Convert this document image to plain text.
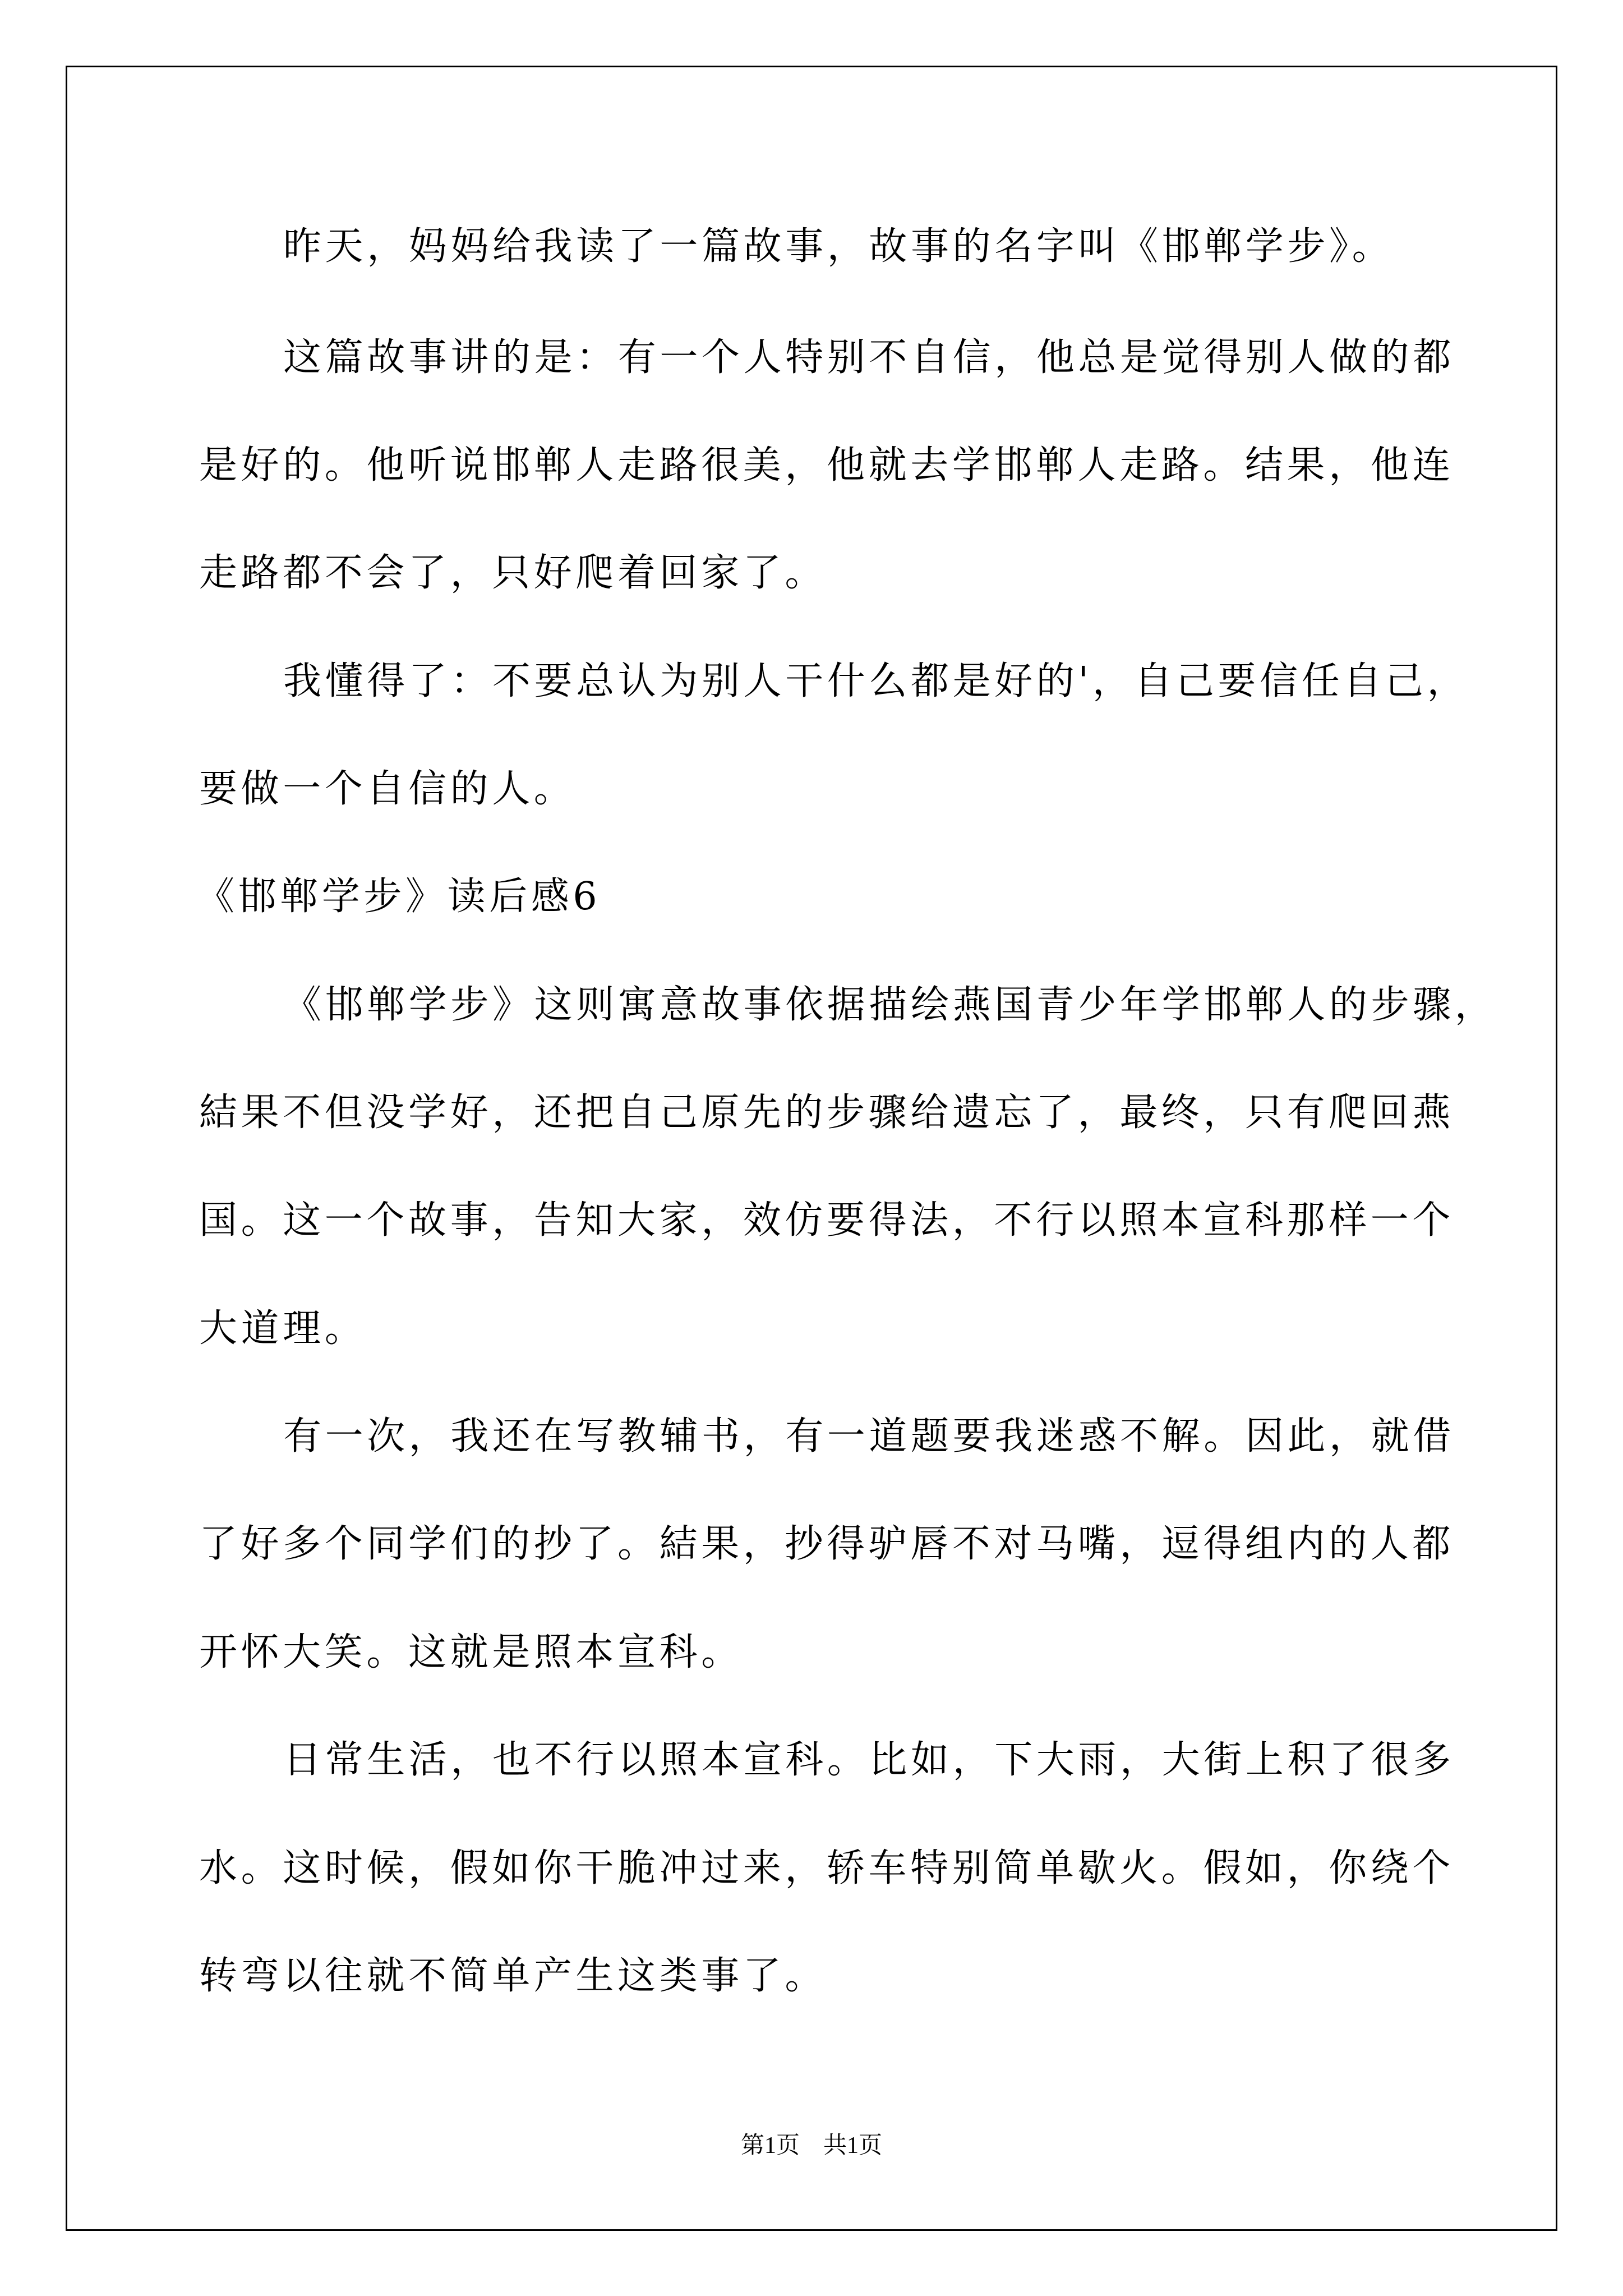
昨天，妈妈给我读了一篇故事，故事的名字叫《邯郸学步》。
这篇故事讲的是：有一个人特别不自信，他总是觉得别人做的都
是好的。他听说邯郸人走路很美，他就去学邯郸人走路。结果，他连
走路都不会了，只好爬着回家了。
我懂得了：不要总认为别人干什么都是好的'，自己要信任自己，
要做一个自信的人。
《邯郸学步》读后感6
《邯郸学步》这则寓意故事依据描绘燕国青少年学邯郸人的步骤，
結果不但没学好，还把自己原先的步骤给遗忘了，最终，只有爬回燕
国。这一个故事，告知大家，效仿要得法，不行以照本宣科那样一个
大道理。
有一次，我还在写教辅书，有一道题要我迷惑不解。因此，就借
了好多个同学们的抄了。結果，抄得驴唇不对马嘴，逗得组内的人都
开怀大笑。这就是照本宣科。
日常生活，也不行以照本宣科。比如，下大雨，大街上积了很多
水。这时候，假如你干脆冲过来，轿车特别简单歇火。假如，你绕个
转弯以往就不简单产生这类事了。
第1页　共1页
